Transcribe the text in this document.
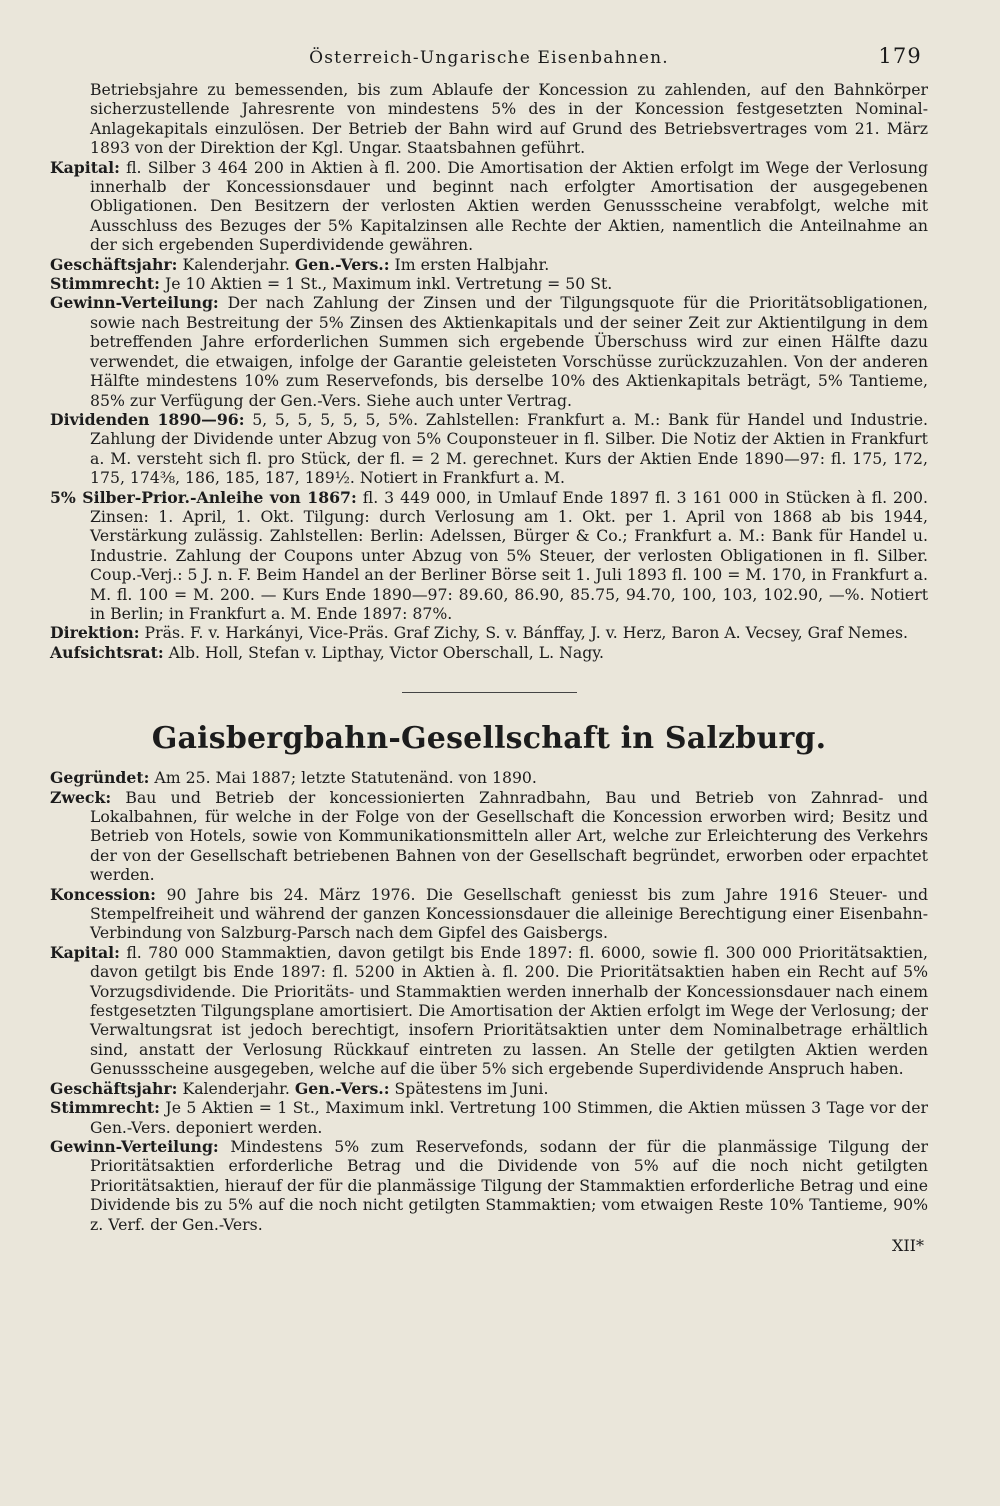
Österreich-Ungarische Eisenbahnen.	179

Betriebsjahre zu bemessenden, bis zum Ablaufe der Koncession zu zahlenden, auf den Bahnkörper sicherzustellende Jahresrente von mindestens 5% des in der Koncession festgesetzten Nominal-Anlagekapitals einzulösen. Der Betrieb der Bahn wird auf Grund des Betriebsvertrages vom 21. März 1893 von der Direktion der Kgl. Ungar. Staatsbahnen geführt.

Kapital: fl. Silber 3 464 200 in Aktien à fl. 200. Die Amortisation der Aktien erfolgt im Wege der Verlosung innerhalb der Koncessionsdauer und beginnt nach erfolgter Amortisation der ausgegebenen Obligationen. Den Besitzern der verlosten Aktien werden Genussscheine verabfolgt, welche mit Ausschluss des Bezuges der 5% Kapitalzinsen alle Rechte der Aktien, namentlich die Anteilnahme an der sich ergebenden Superdividende gewähren.

Geschäftsjahr: Kalenderjahr. Gen.-Vers.: Im ersten Halbjahr.

Stimmrecht: Je 10 Aktien = 1 St., Maximum inkl. Vertretung = 50 St.

Gewinn-Verteilung: Der nach Zahlung der Zinsen und der Tilgungsquote für die Prioritätsobligationen, sowie nach Bestreitung der 5% Zinsen des Aktienkapitals und der seiner Zeit zur Aktientilgung in dem betreffenden Jahre erforderlichen Summen sich ergebende Überschuss wird zur einen Hälfte dazu verwendet, die etwaigen, infolge der Garantie geleisteten Vorschüsse zurückzuzahlen. Von der anderen Hälfte mindestens 10% zum Reservefonds, bis derselbe 10% des Aktienkapitals beträgt, 5% Tantieme, 85% zur Verfügung der Gen.-Vers. Siehe auch unter Vertrag.

Dividenden 1890—96: 5, 5, 5, 5, 5, 5, 5%. Zahlstellen: Frankfurt a. M.: Bank für Handel und Industrie. Zahlung der Dividende unter Abzug von 5% Couponsteuer in fl. Silber. Die Notiz der Aktien in Frankfurt a. M. versteht sich fl. pro Stück, der fl. = 2 M. gerechnet. Kurs der Aktien Ende 1890—97: fl. 175, 172, 175, 174⅜, 186, 185, 187, 189½. Notiert in Frankfurt a. M.

5% Silber-Prior.-Anleihe von 1867: fl. 3 449 000, in Umlauf Ende 1897 fl. 3 161 000 in Stücken à fl. 200. Zinsen: 1. April, 1. Okt. Tilgung: durch Verlosung am 1. Okt. per 1. April von 1868 ab bis 1944, Verstärkung zulässig. Zahlstellen: Berlin: Adelssen, Bürger & Co.; Frankfurt a. M.: Bank für Handel u. Industrie. Zahlung der Coupons unter Abzug von 5% Steuer, der verlosten Obligationen in fl. Silber. Coup.-Verj.: 5 J. n. F. Beim Handel an der Berliner Börse seit 1. Juli 1893 fl. 100 = M. 170, in Frankfurt a. M. fl. 100 = M. 200. — Kurs Ende 1890—97: 89.60, 86.90, 85.75, 94.70, 100, 103, 102.90, —%. Notiert in Berlin; in Frankfurt a. M. Ende 1897: 87%.

Direktion: Präs. F. v. Harkányi, Vice-Präs. Graf Zichy, S. v. Bánffay, J. v. Herz, Baron A. Vecsey, Graf Nemes.

Aufsichtsrat: Alb. Holl, Stefan v. Lipthay, Victor Oberschall, L. Nagy.

Gaisbergbahn-Gesellschaft in Salzburg.

Gegründet: Am 25. Mai 1887; letzte Statutenänd. von 1890.

Zweck: Bau und Betrieb der koncessionierten Zahnradbahn, Bau und Betrieb von Zahnrad- und Lokalbahnen, für welche in der Folge von der Gesellschaft die Koncession erworben wird; Besitz und Betrieb von Hotels, sowie von Kommunikationsmitteln aller Art, welche zur Erleichterung des Verkehrs der von der Gesellschaft betriebenen Bahnen von der Gesellschaft begründet, erworben oder erpachtet werden.

Koncession: 90 Jahre bis 24. März 1976. Die Gesellschaft geniesst bis zum Jahre 1916 Steuer- und Stempelfreiheit und während der ganzen Koncessionsdauer die alleinige Berechtigung einer Eisenbahn-Verbindung von Salzburg-Parsch nach dem Gipfel des Gaisbergs.

Kapital: fl. 780 000 Stammaktien, davon getilgt bis Ende 1897: fl. 6000, sowie fl. 300 000 Prioritätsaktien, davon getilgt bis Ende 1897: fl. 5200 in Aktien à. fl. 200. Die Prioritätsaktien haben ein Recht auf 5% Vorzugsdividende. Die Prioritäts- und Stammaktien werden innerhalb der Koncessionsdauer nach einem festgesetzten Tilgungsplane amortisiert. Die Amortisation der Aktien erfolgt im Wege der Verlosung; der Verwaltungsrat ist jedoch berechtigt, insofern Prioritätsaktien unter dem Nominalbetrage erhältlich sind, anstatt der Verlosung Rückkauf eintreten zu lassen. An Stelle der getilgten Aktien werden Genussscheine ausgegeben, welche auf die über 5% sich ergebende Superdividende Anspruch haben.

Geschäftsjahr: Kalenderjahr. Gen.-Vers.: Spätestens im Juni.

Stimmrecht: Je 5 Aktien = 1 St., Maximum inkl. Vertretung 100 Stimmen, die Aktien müssen 3 Tage vor der Gen.-Vers. deponiert werden.

Gewinn-Verteilung: Mindestens 5% zum Reservefonds, sodann der für die planmässige Tilgung der Prioritätsaktien erforderliche Betrag und die Dividende von 5% auf die noch nicht getilgten Prioritätsaktien, hierauf der für die planmässige Tilgung der Stammaktien erforderliche Betrag und eine Dividende bis zu 5% auf die noch nicht getilgten Stammaktien; vom etwaigen Reste 10% Tantieme, 90% z. Verf. der Gen.-Vers.

XII*
